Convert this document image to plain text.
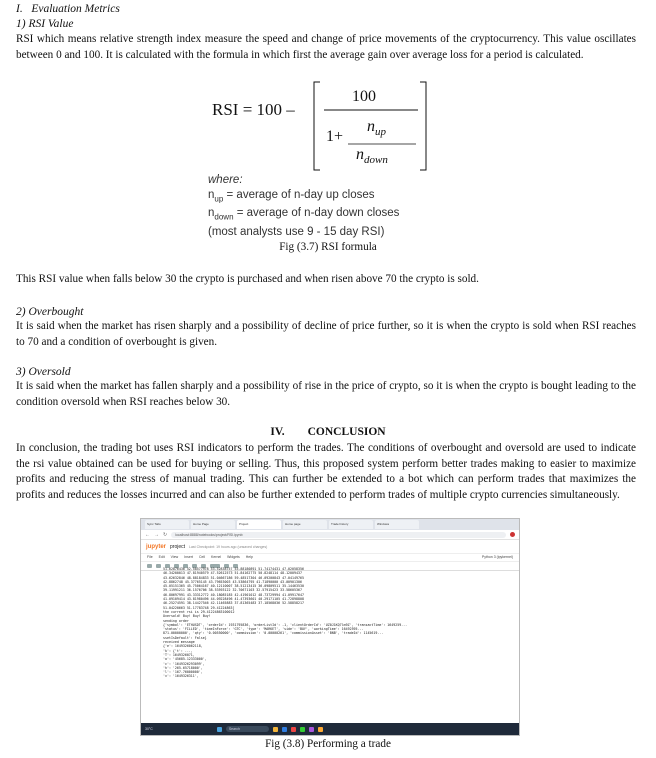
I. Evaluation Metrics
1) RSI Value
RSI which means relative strength index measure the speed and change of price movements of the cryptocurrency. This value oscillates between 0 and 100. It is calculated with the formula in which first the average gain over average loss for a period is calculated.
RSI = 100 –
100
1+
$n_{up}$
$n_{down}$
where:
$n_{up}$ = average of n-day up closes
$n_{down}$ = average of n-day down closes
(most analysts use 9 - 15 day RSI)
Fig (3.7) RSI formula
This RSI value when falls below 30 the crypto is purchased and when risen above 70 the crypto is sold.
2) Overbought
It is said when the market has risen sharply and a possibility of decline of price further, so it is when the crypto is sold when RSI reaches to 70 and a condition of overbought is given.
3) Oversold
It is said when the market has fallen sharply and a possibility of rise in the price of crypto, so it is when the crypto is bought leading to the condition oversold when RSI reaches below 30.
IV. CONCLUSION
In conclusion, the trading bot uses RSI indicators to perform the trades. The conditions of overbought and oversold are used to indicate the rsi value obtained can be used for buying or selling. Thus, this proposed system perform better trades making to easier to maximize profits and reducing the stress of manual trading. This can further be extended to a bot which can perform trades that maximizes the profits and reduces the losses incurred and can also be further extended to perform trades of multiple crypto currencies simultaneously.
Sync Tabs	Home Page	Project	Home page	Trade history	Windows
← → ↻	localhost:8888/notebooks/project/RSI.ipynb
jupyter project Last Checkpoint: 19 hours ago (unsaved changes)
File Edit View Insert Cell Kernel Widgets Help	Python 3 (ipykernel)
51.62876436 52.58577978 53.52838757 53.88180891 51.74174431 47.02058356
46.34200013 47.81940579 47.52612573 51.84162775 50.8248114 48.12009437
43.62632846 48.88184833 51.04667186 59.48517304 46.09200843 47.04149765
42.8862748 45.37765145 43.79653003 43.53864795 41.71890000 43.00901306
45.05151365 45.75064167 40.12110007 38.51213415 36.09809511 35.14463530
39.11991211 36.1576706 38.53593122 32.70671103 32.57915423 33.58605367
46.80697991 43.33312772 40.18085185 42.41901012 48.73729994 41.09917647
41.09109414 43.81980496 44.09228496 41.47393601 40.29171105 41.72898808
46.25274591 38.14427546 42.11465883 37.81365483 37.18568036 52.58858217
51.04220663 51.17783748 29.41224863]
the current rsi is 29.41224863100012
Oversold! Buy! Buy! Buy!
sending order
{'symbol': 'ETHUSDT', 'orderId': 1931795836, 'orderListId': -1, 'clientOrderId': 'UZ0J1KQ7lm9Z', 'transactTime': 1649259...
'status': 'FILLED', 'timeInForce': 'GTC', 'type': 'MARKET', 'side': 'BUY', 'workingTime': 16492595...
871.00000000', 'qty': '0.00550000', 'commission': '0.00000261', 'commissionAsset': 'BNB', 'tradeId': 1145619...
ssetIsDefault': False}
received message
{'e': 1649326062118,
'k': {'t': ...,
'T': 1649326071,
'o': '45685.12333000',
'c': '1649326293099',
'h': '265.65718000',
'l': '167.76000000',
'v': '1649326311',
30°C	Search
Fig (3.8) Performing a trade
